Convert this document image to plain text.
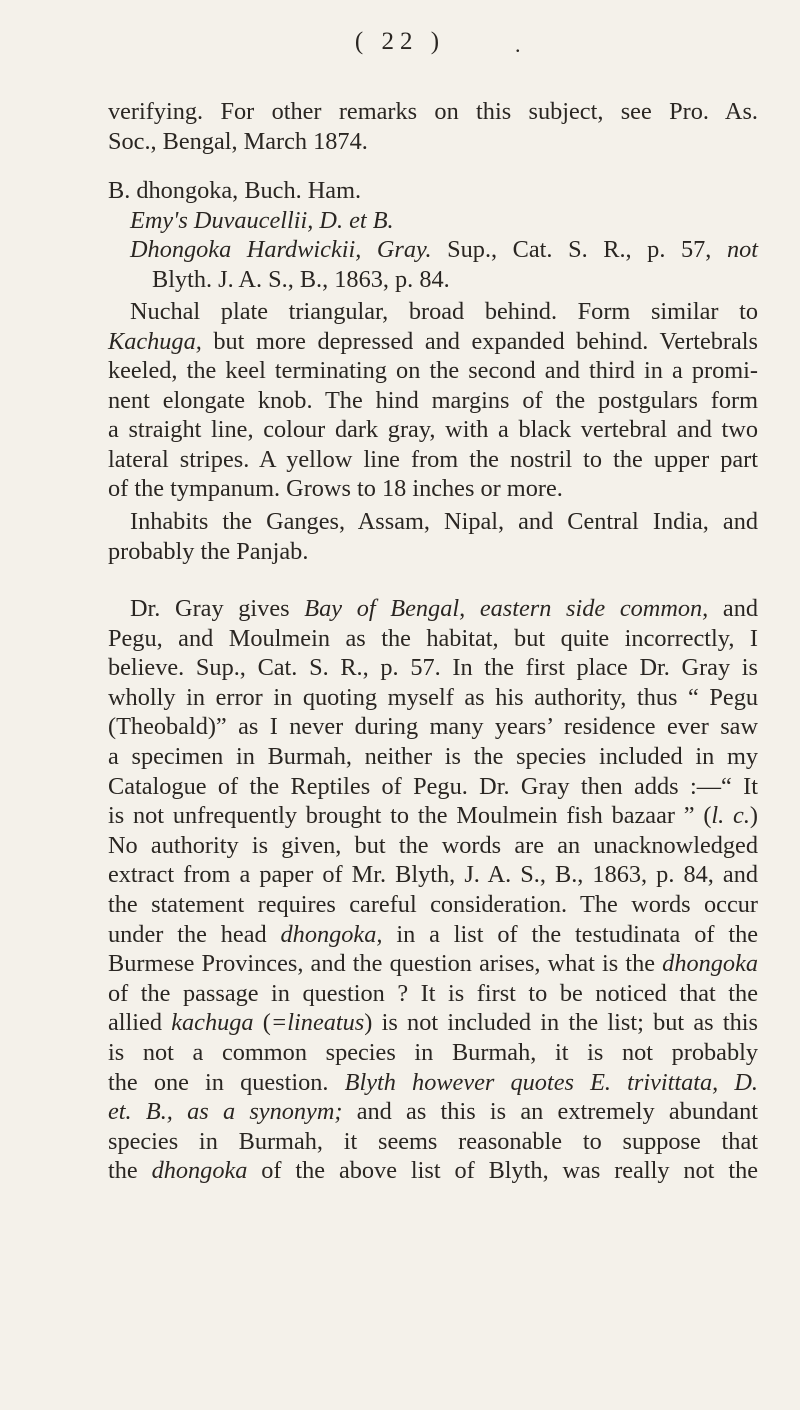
( 22 )	.
verifying. For other remarks on this subject, see Pro. As.
Soc., Bengal, March 1874.
B. dhongoka, Buch. Ham.
Emy's Duvaucellii, D. et B.
Dhongoka Hardwickii, Gray. Sup., Cat. S. R., p. 57, not
Blyth. J. A. S., B., 1863, p. 84.
Nuchal plate triangular, broad behind. Form similar to
Kachuga, but more depressed and expanded behind. Vertebrals
keeled, the keel terminating on the second and third in a promi-
nent elongate knob. The hind margins of the postgulars form
a straight line, colour dark gray, with a black vertebral and two
lateral stripes. A yellow line from the nostril to the upper part
of the tympanum. Grows to 18 inches or more.
Inhabits the Ganges, Assam, Nipal, and Central India, and
probably the Panjab.
Dr. Gray gives Bay of Bengal, eastern side common, and
Pegu, and Moulmein as the habitat, but quite incorrectly, I
believe. Sup., Cat. S. R., p. 57. In the first place Dr. Gray is
wholly in error in quoting myself as his authority, thus “ Pegu
(Theobald)” as I never during many years’ residence ever saw
a specimen in Burmah, neither is the species included in my
Catalogue of the Reptiles of Pegu. Dr. Gray then adds :—“ It
is not unfrequently brought to the Moulmein fish bazaar ” (l. c.)
No authority is given, but the words are an unacknowledged
extract from a paper of Mr. Blyth, J. A. S., B., 1863, p. 84, and
the statement requires careful consideration. The words occur
under the head dhongoka, in a list of the testudinata of the
Burmese Provinces, and the question arises, what is the dhongoka
of the passage in question ? It is first to be noticed that the
allied kachuga (=lineatus) is not included in the list; but as this
is not a common species in Burmah, it is not probably
the one in question. Blyth however quotes E. trivittata, D.
et. B., as a synonym; and as this is an extremely abundant
species in Burmah, it seems reasonable to suppose that
the dhongoka of the above list of Blyth, was really not the
